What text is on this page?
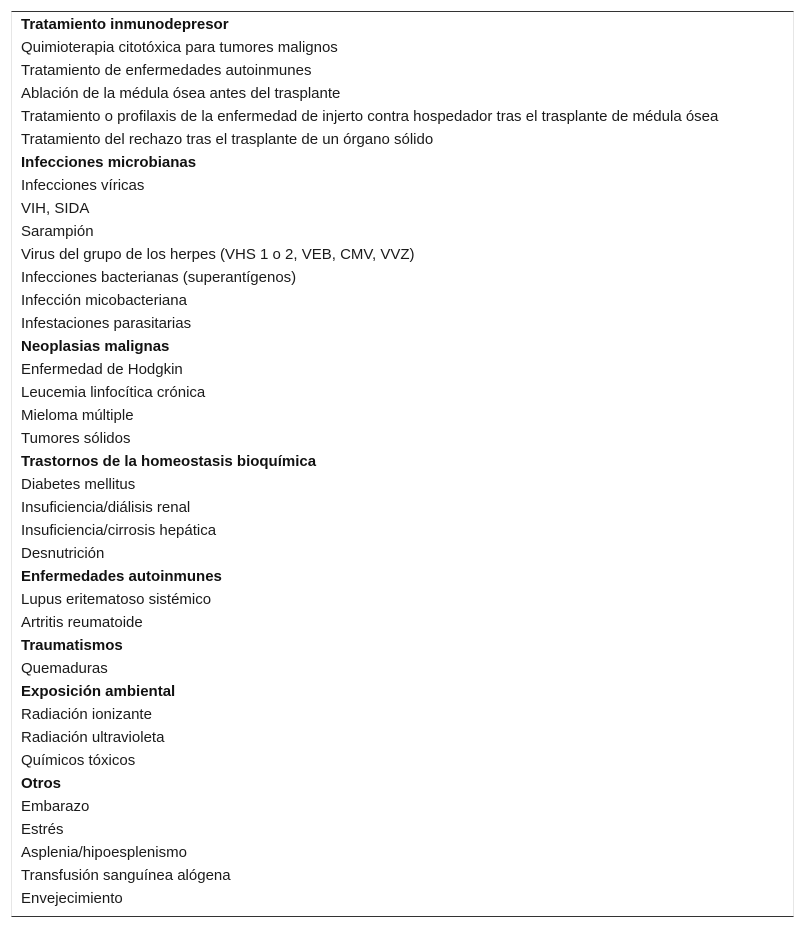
Tratamiento inmunodepresor
Quimioterapia citotóxica para tumores malignos
Tratamiento de enfermedades autoinmunes
Ablación de la médula ósea antes del trasplante
Tratamiento o profilaxis de la enfermedad de injerto contra hospedador tras el trasplante de médula ósea
Tratamiento del rechazo tras el trasplante de un órgano sólido
Infecciones microbianas
Infecciones víricas
VIH, SIDA
Sarampión
Virus del grupo de los herpes (VHS 1 o 2, VEB, CMV, VVZ)
Infecciones bacterianas (superantígenos)
Infección micobacteriana
Infestaciones parasitarias
Neoplasias malignas
Enfermedad de Hodgkin
Leucemia linfocítica crónica
Mieloma múltiple
Tumores sólidos
Trastornos de la homeostasis bioquímica
Diabetes mellitus
Insuficiencia/diálisis renal
Insuficiencia/cirrosis hepática
Desnutrición
Enfermedades autoinmunes
Lupus eritematoso sistémico
Artritis reumatoide
Traumatismos
Quemaduras
Exposición ambiental
Radiación ionizante
Radiación ultravioleta
Químicos tóxicos
Otros
Embarazo
Estrés
Asplenia/hipoesplenismo
Transfusión sanguínea alógena
Envejecimiento
